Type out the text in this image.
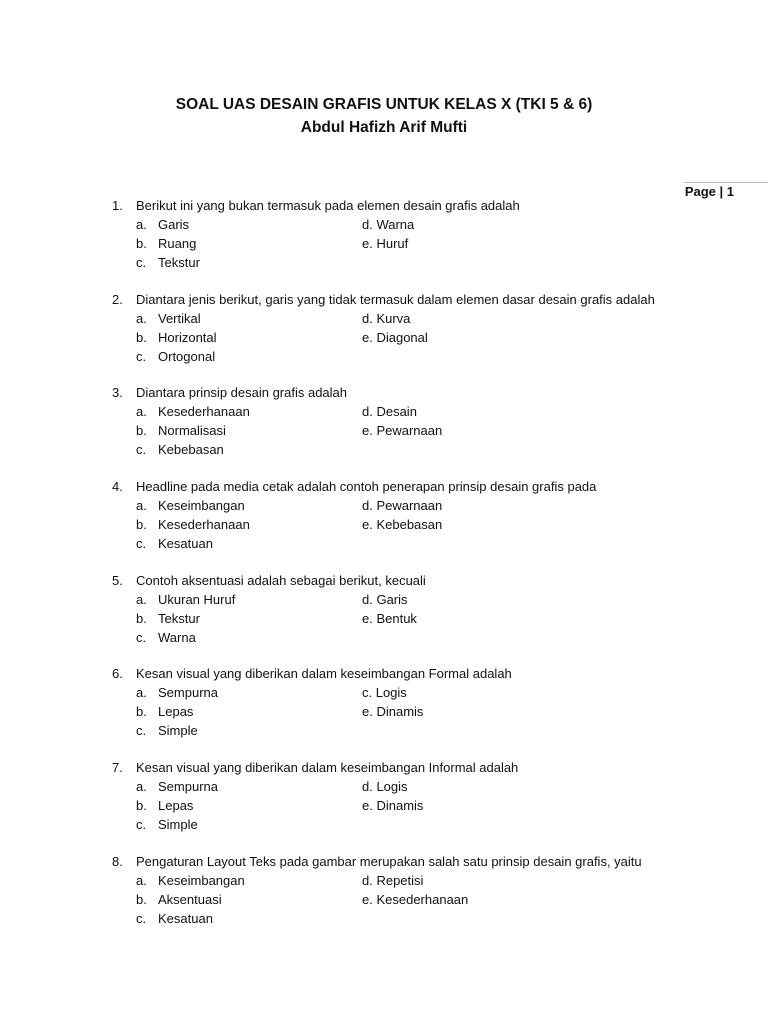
SOAL UAS DESAIN GRAFIS UNTUK KELAS X (TKI 5 & 6)
Abdul Hafizh Arif Mufti
Page | 1
1.	Berikut ini yang bukan termasuk pada elemen desain grafis adalah
a. Garis	d. Warna
b. Ruang	e. Huruf
c. Tekstur
2.	Diantara jenis berikut, garis yang tidak termasuk dalam elemen dasar desain grafis adalah
a. Vertikal	d. Kurva
b. Horizontal	e. Diagonal
c. Ortogonal
3.	Diantara prinsip desain grafis adalah
a. Kesederhanaan	d. Desain
b. Normalisasi	e. Pewarnaan
c. Kebebasan
4.	Headline pada media cetak adalah contoh penerapan prinsip desain grafis pada
a. Keseimbangan	d. Pewarnaan
b. Kesederhanaan	e. Kebebasan
c. Kesatuan
5.	Contoh aksentuasi adalah sebagai berikut, kecuali
a. Ukuran Huruf	d. Garis
b. Tekstur	e. Bentuk
c. Warna
6.	Kesan visual yang diberikan dalam keseimbangan Formal adalah
a. Sempurna	c. Logis
b. Lepas	e. Dinamis
c. Simple
7.	Kesan visual yang diberikan dalam keseimbangan Informal adalah
a. Sempurna	d. Logis
b. Lepas	e. Dinamis
c. Simple
8.	Pengaturan Layout Teks pada gambar merupakan salah satu prinsip desain grafis, yaitu
a. Keseimbangan	d. Repetisi
b. Aksentuasi	e. Kesederhanaan
c. Kesatuan
